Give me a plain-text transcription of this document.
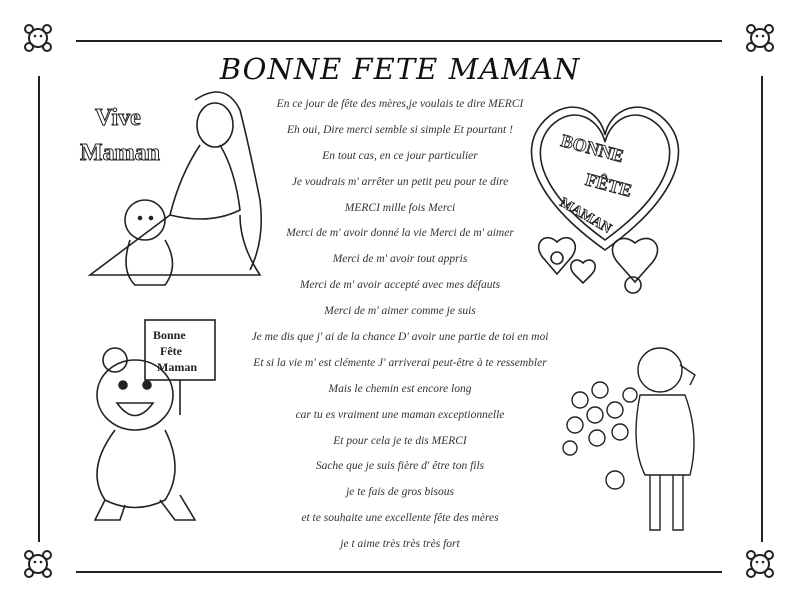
BONNE FETE MAMAN
En ce jour de fête des mères,je voulais te dire MERCI
Eh oui, Dire merci semble si simple Et pourtant !
En tout cas, en ce jour particulier
Je voudrais m' arrêter un petit peu pour te dire
MERCI mille fois Merci
Merci de m' avoir donné la vie Merci de m' aimer
Merci de m' avoir tout appris
Merci de m' avoir accepté avec mes défauts
Merci de m' aimer comme je suis
Je me dis que j' ai de la chance D' avoir une partie de toi en moi
Et si la vie m' est clémente J' arriverai peut-être à te ressembler
Mais le chemin est encore long
car tu es vraiment une maman exceptionnelle
Et pour cela je te dis MERCI
Sache que je suis fière d' être ton fils
je te fais de gros bisous
et te souhaite une excellente fête des mères
je t aime très très très fort
Vive
Maman	BONNE
FÊTE
MAMAN
Bonne
Fête
Maman
